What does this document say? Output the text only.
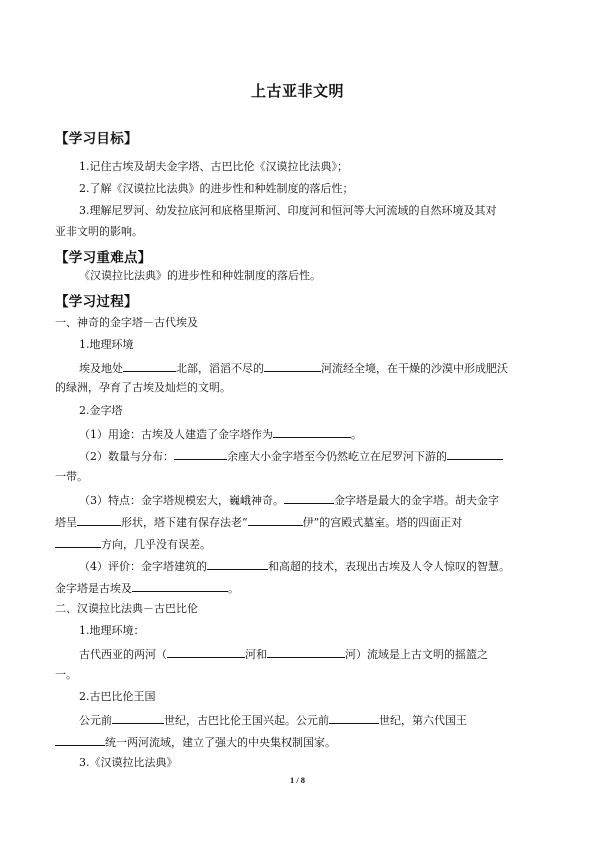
上古亚非文明
【学习目标】
1.记住古埃及胡夫金字塔、古巴比伦《汉谟拉比法典》；
2.了解《汉谟拉比法典》的进步性和种姓制度的落后性；
3.理解尼罗河、幼发拉底河和底格里斯河、印度河和恒河等大河流域的自然环境及其对
亚非文明的影响。
【学习重难点】
《汉谟拉比法典》的进步性和种姓制度的落后性。
【学习过程】
一、神奇的金字塔－古代埃及
1.地理环境
埃及地处	北部，滔滔不尽的	河流经全境，在干燥的沙漠中形成肥沃
的绿洲，孕育了古埃及灿烂的文明。
2.金字塔
（1）用途：古埃及人建造了金字塔作为	。
（2）数量与分布：	余座大小金字塔至今仍然屹立在尼罗河下游的
一带。
（3）特点：金字塔规模宏大，巍峨神奇。	金字塔是最大的金字塔。胡夫金字
塔呈	形状，塔下建有保存法老“	伊”的宫殿式墓室。塔的四面正对
方向，几乎没有误差。
（4）评价：金字塔建筑的	和高超的技术，表现出古埃及人令人惊叹的智慧。
金字塔是古埃及	。
二、汉谟拉比法典－古巴比伦
1.地理环境：
古代西亚的两河（	河和	河）流域是上古文明的摇篮之
一。
2.古巴比伦王国
公元前	世纪，古巴比伦王国兴起。公元前	世纪，第六代国王
统一两河流域，建立了强大的中央集权制国家。
3.《汉谟拉比法典》
1 / 8
